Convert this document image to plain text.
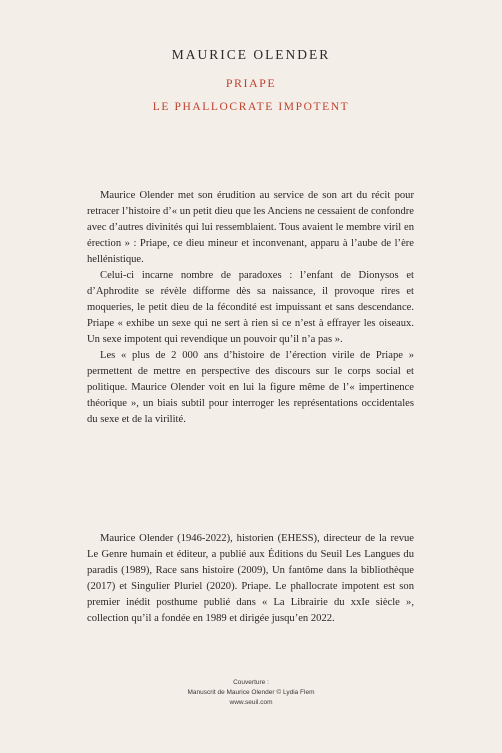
MAURICE OLENDER
PRIAPE
LE PHALLOCRATE IMPOTENT

Maurice Olender met son érudition au service de son art du récit pour retracer l’histoire d’« un petit dieu que les Anciens ne cessaient de confondre avec d’autres divinités qui lui ressemblaient. Tous avaient le membre viril en érection » : Priape, ce dieu mineur et inconvenant, apparu à l’aube de l’ère hellénistique.

Celui-ci incarne nombre de paradoxes : l’enfant de Dionysos et d’Aphrodite se révèle difforme dès sa naissance, il provoque rires et moqueries, le petit dieu de la fécondité est impuissant et sans descendance. Priape « exhibe un sexe qui ne sert à rien si ce n’est à effrayer les oiseaux. Un sexe impotent qui revendique un pouvoir qu’il n’a pas ».

Les « plus de 2 000 ans d’histoire de l’érection virile de Priape » permettent de mettre en perspective des discours sur le corps social et politique. Maurice Olender voit en lui la figure même de l’« impertinence théorique », un biais subtil pour interroger les représentations occidentales du sexe et de la virilité.

Maurice Olender (1946-2022), historien (EHESS), directeur de la revue Le Genre humain et éditeur, a publié aux Éditions du Seuil Les Langues du paradis (1989), Race sans histoire (2009), Un fantôme dans la bibliothèque (2017) et Singulier Pluriel (2020). Priape. Le phallocrate impotent est son premier inédit posthume publié dans « La Librairie du xxIe siècle », collection qu’il a fondée en 1989 et dirigée jusqu’en 2022.

Couverture :
Manuscrit de Maurice Olender © Lydia Flem
www.seuil.com
